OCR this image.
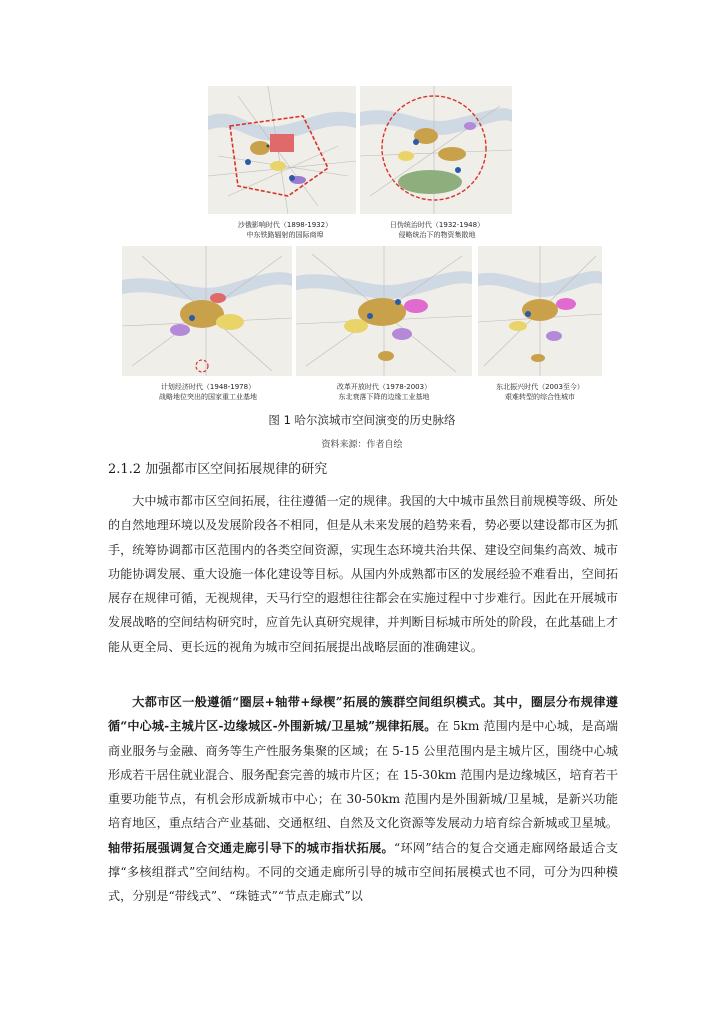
沙俄影响时代（1898-1932）
中东铁路辐射的国际商埠
日伪统治时代（1932-1948）
侵略统治下的物资集散地
计划经济时代（1948-1978）
战略地位突出的国家重工业基地
改革开放时代（1978-2003）
东北衰落下降的边缘工业基地
东北振兴时代（2003至今）
艰难转型的综合性城市
图 1 哈尔滨城市空间演变的历史脉络
资料来源：作者自绘
2.1.2 加强都市区空间拓展规律的研究

大中城市都市区空间拓展，往往遵循一定的规律。我国的大中城市虽然目前规模等级、所处的自然地理环境以及发展阶段各不相同，但是从未来发展的趋势来看，势必要以建设都市区为抓手，统筹协调都市区范围内的各类空间资源，实现生态环境共治共保、建设空间集约高效、城市功能协调发展、重大设施一体化建设等目标。从国内外成熟都市区的发展经验不难看出，空间拓展存在规律可循，无视规律，天马行空的遐想往往都会在实施过程中寸步难行。因此在开展城市发展战略的空间结构研究时，应首先认真研究规律，并判断目标城市所处的阶段，在此基础上才能从更全局、更长远的视角为城市空间拓展提出战略层面的准确建议。

大都市区一般遵循“圈层+轴带+绿楔”拓展的簇群空间组织模式。其中，圈层分布规律遵循“中心城-主城片区-边缘城区-外围新城/卫星城”规律拓展。在 5km 范围内是中心城，是高端商业服务与金融、商务等生产性服务集聚的区域；在 5-15 公里范围内是主城片区，围绕中心城形成若干居住就业混合、服务配套完善的城市片区；在 15-30km 范围内是边缘城区，培育若干重要功能节点，有机会形成新城市中心；在 30-50km 范围内是外围新城/卫星城，是新兴功能培育地区，重点结合产业基础、交通枢纽、自然及文化资源等发展动力培育综合新城或卫星城。轴带拓展强调复合交通走廊引导下的城市指状拓展。“环网”结合的复合交通走廊网络最适合支撑“多核组群式”空间结构。不同的交通走廊所引导的城市空间拓展模式也不同，可分为四种模式，分别是“带线式”、“珠链式”“节点走廊式”以
